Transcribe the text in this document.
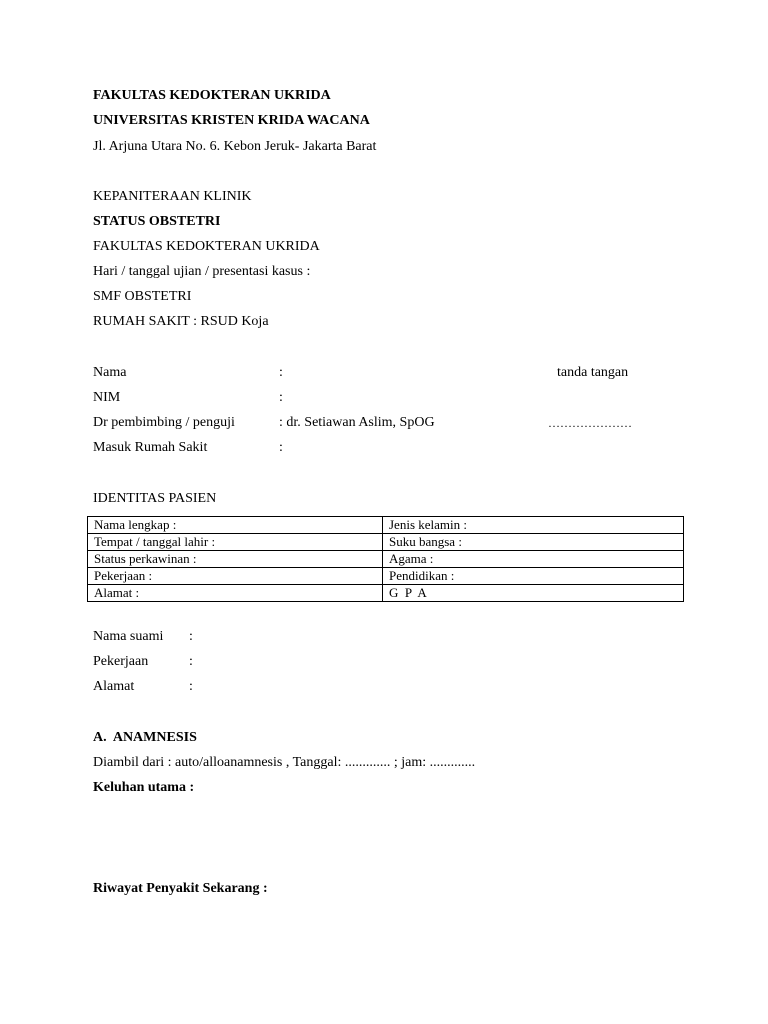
FAKULTAS KEDOKTERAN UKRIDA
UNIVERSITAS KRISTEN KRIDA WACANA
Jl. Arjuna Utara No. 6. Kebon Jeruk- Jakarta Barat
KEPANITERAAN KLINIK
STATUS OBSTETRI
FAKULTAS KEDOKTERAN UKRIDA
Hari / tanggal ujian / presentasi kasus :
SMF OBSTETRI
RUMAH SAKIT : RSUD Koja
Nama	:	tanda tangan
NIM	:
Dr pembimbing / penguji	: dr. Setiawan Aslim, SpOG	…………………
Masuk Rumah Sakit	:
IDENTITAS PASIEN
Nama lengkap :	Jenis kelamin :
Tempat / tanggal lahir :	Suku bangsa :
Status perkawinan :	Agama :
Pekerjaan :	Pendidikan :
Alamat :	G  P  A
Nama suami :
Pekerjaan	:
Alamat	:
A.  ANAMNESIS
Diambil dari : auto/alloanamnesis , Tanggal: ............. ; jam: .............
Keluhan utama :
Riwayat Penyakit Sekarang :
